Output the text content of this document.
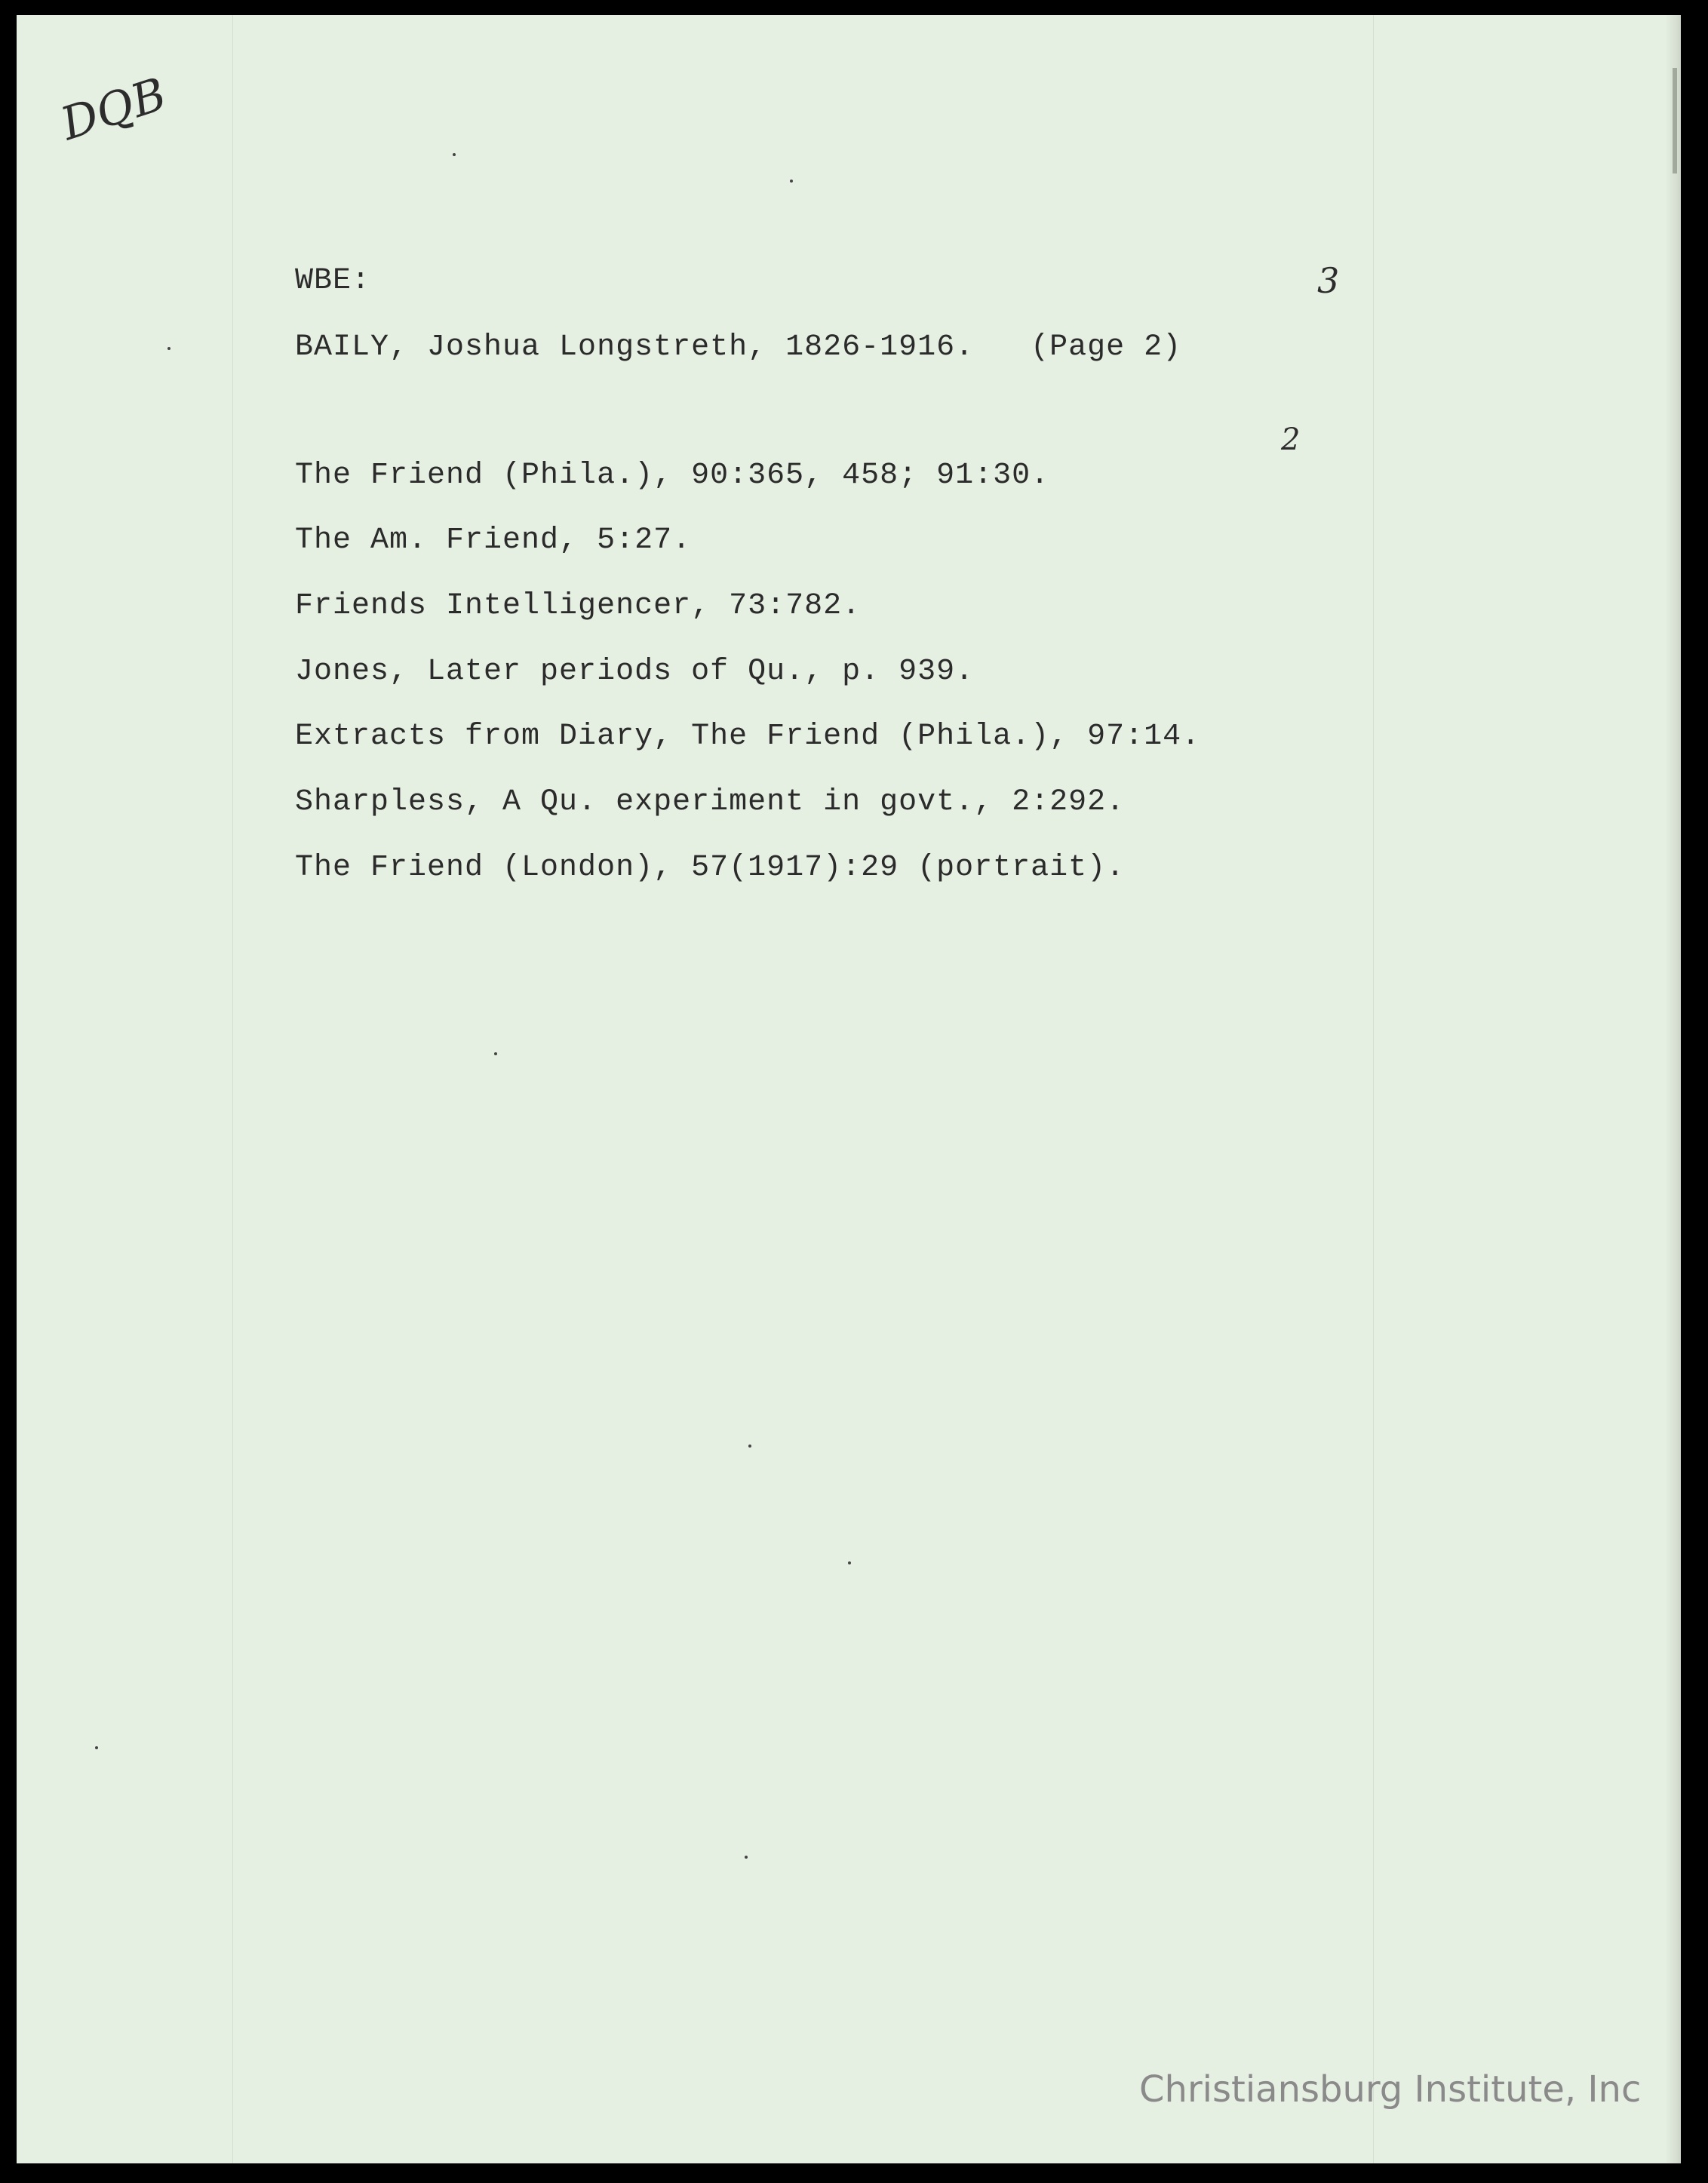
DQB
3
2
WBE:
BAILY, Joshua Longstreth, 1826-1916. (Page 2)
The Friend (Phila.), 90:365, 458; 91:30.
The Am. Friend, 5:27.
Friends Intelligencer, 73:782.
Jones, Later periods of Qu., p. 939.
Extracts from Diary, The Friend (Phila.), 97:14.
Sharpless, A Qu. experiment in govt., 2:292.
The Friend (London), 57(1917):29 (portrait).
Christiansburg Institute, Inc
